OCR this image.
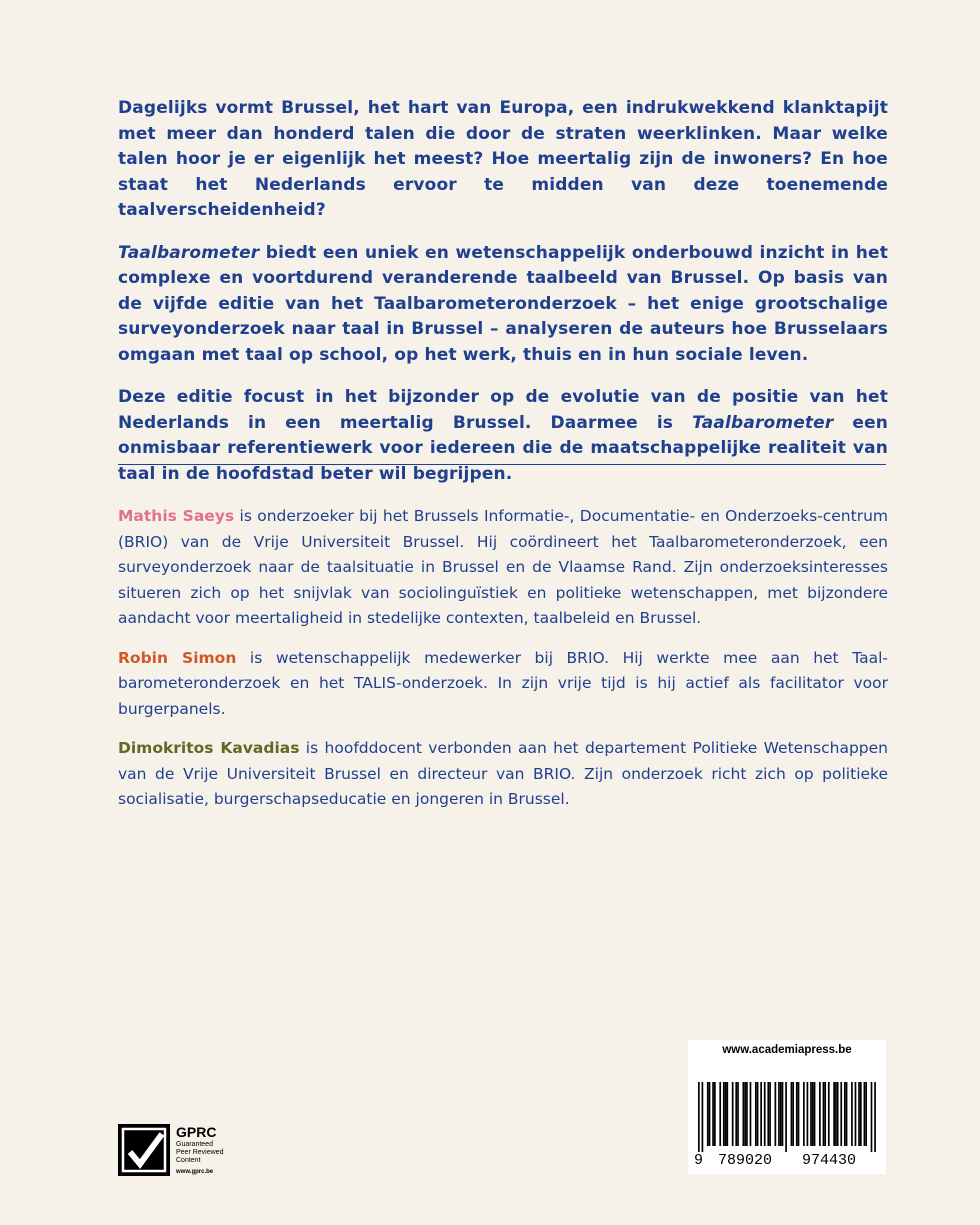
Dagelijks vormt Brussel, het hart van Europa, een indrukwekkend klanktapijt met meer dan honderd talen die door de straten weerklinken. Maar welke talen hoor je er eigenlijk het meest? Hoe meertalig zijn de inwoners? En hoe staat het Nederlands ervoor te midden van deze toenemende taalverscheidenheid?

Taalbarometer biedt een uniek en wetenschappelijk onderbouwd inzicht in het complexe en voortdurend veranderende taalbeeld van Brussel. Op basis van de vijfde editie van het Taalbarometeronderzoek – het enige grootschalige surveyonderzoek naar taal in Brussel – analyseren de auteurs hoe Brusselaars omgaan met taal op school, op het werk, thuis en in hun sociale leven.

Deze editie focust in het bijzonder op de evolutie van de positie van het Nederlands in een meertalig Brussel. Daarmee is Taalbarometer een onmisbaar referentiewerk voor iedereen die de maatschappelijke realiteit van taal in de hoofdstad beter wil begrijpen.

Mathis Saeys is onderzoeker bij het Brussels Informatie-, Documentatie- en Onderzoeks-centrum (BRIO) van de Vrije Universiteit Brussel. Hij coördineert het Taalbarometeronderzoek, een surveyonderzoek naar de taalsituatie in Brussel en de Vlaamse Rand. Zijn onderzoeksinteresses situeren zich op het snijvlak van sociolinguïstiek en politieke wetenschappen, met bijzondere aandacht voor meertaligheid in stedelijke contexten, taalbeleid en Brussel.

Robin Simon is wetenschappelijk medewerker bij BRIO. Hij werkte mee aan het Taal-barometeronderzoek en het TALIS-onderzoek. In zijn vrije tijd is hij actief als facilitator voor burgerpanels.

Dimokritos Kavadias is hoofddocent verbonden aan het departement Politieke Wetenschappen van de Vrije Universiteit Brussel en directeur van BRIO. Zijn onderzoek richt zich op politieke socialisatie, burgerschapseducatie en jongeren in Brussel.

GPRC
Guaranteed
Peer Reviewed
Content
www.gprc.be
www.academiapress.be
9 789020 974430
